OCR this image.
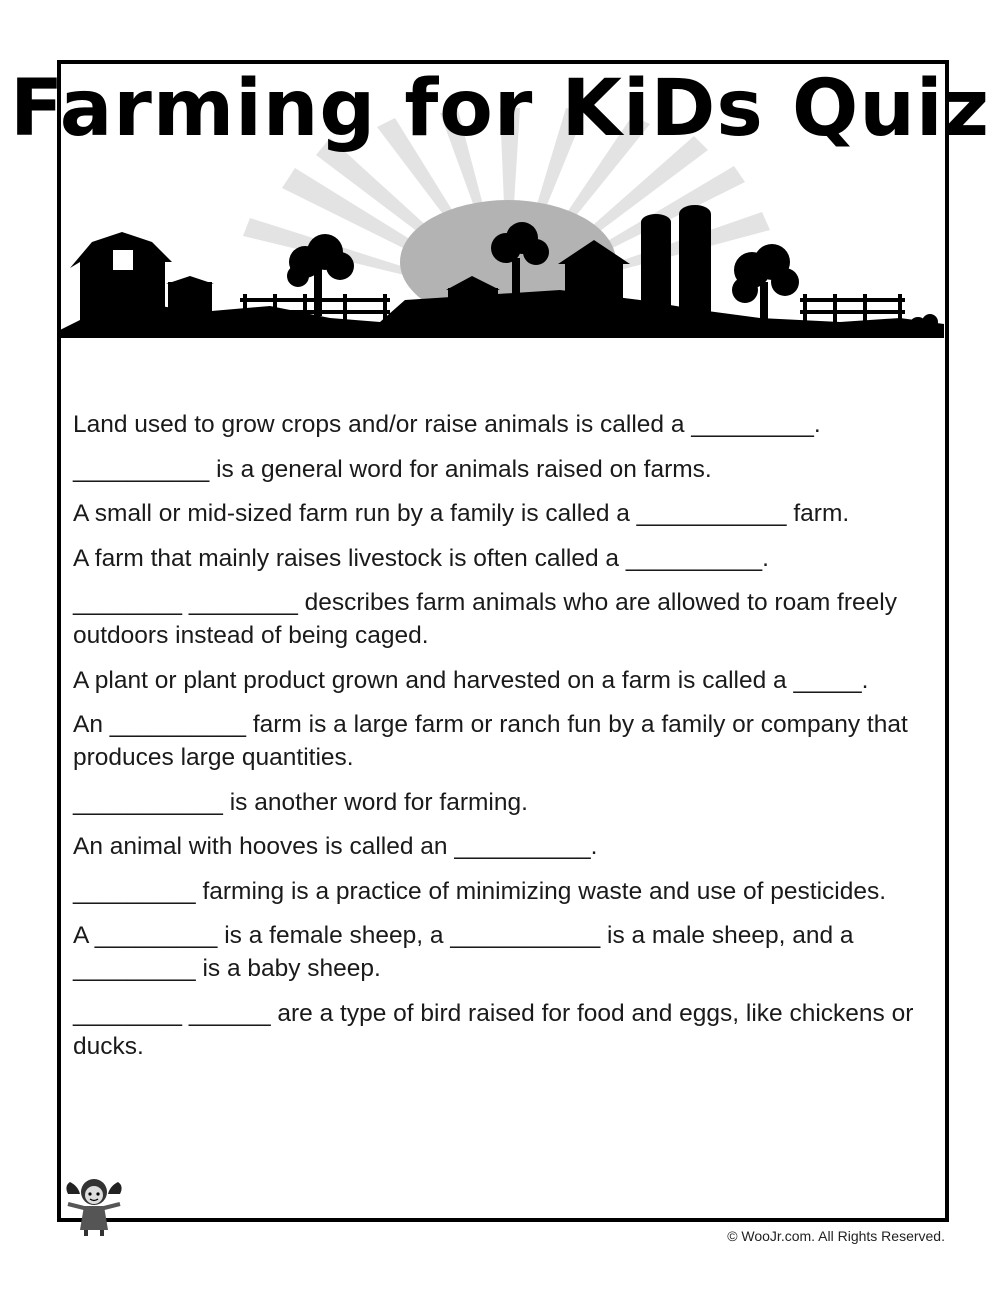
Farming for KiDs Quiz
Land used to grow crops and/or raise animals is called a _________.
__________ is a general word for animals raised on farms.
A small or mid-sized farm run by a family is called a ___________ farm.
A farm that mainly raises livestock is often called a __________.
________ ________ describes farm animals who are allowed to roam freely outdoors instead of being caged.
A plant or plant product grown and harvested on a farm is called a _____.
An __________ farm is a large farm or ranch fun by a family or company that produces large quantities.
___________ is another word for farming.
An animal with hooves is called an __________.
_________ farming is a practice of minimizing waste and use of pesticides.
A _________ is a female sheep, a ___________ is a male sheep, and a _________ is a baby sheep.
________ ______ are a type of bird raised for food and eggs, like chickens or ducks.
© WooJr.com. All Rights Reserved.
